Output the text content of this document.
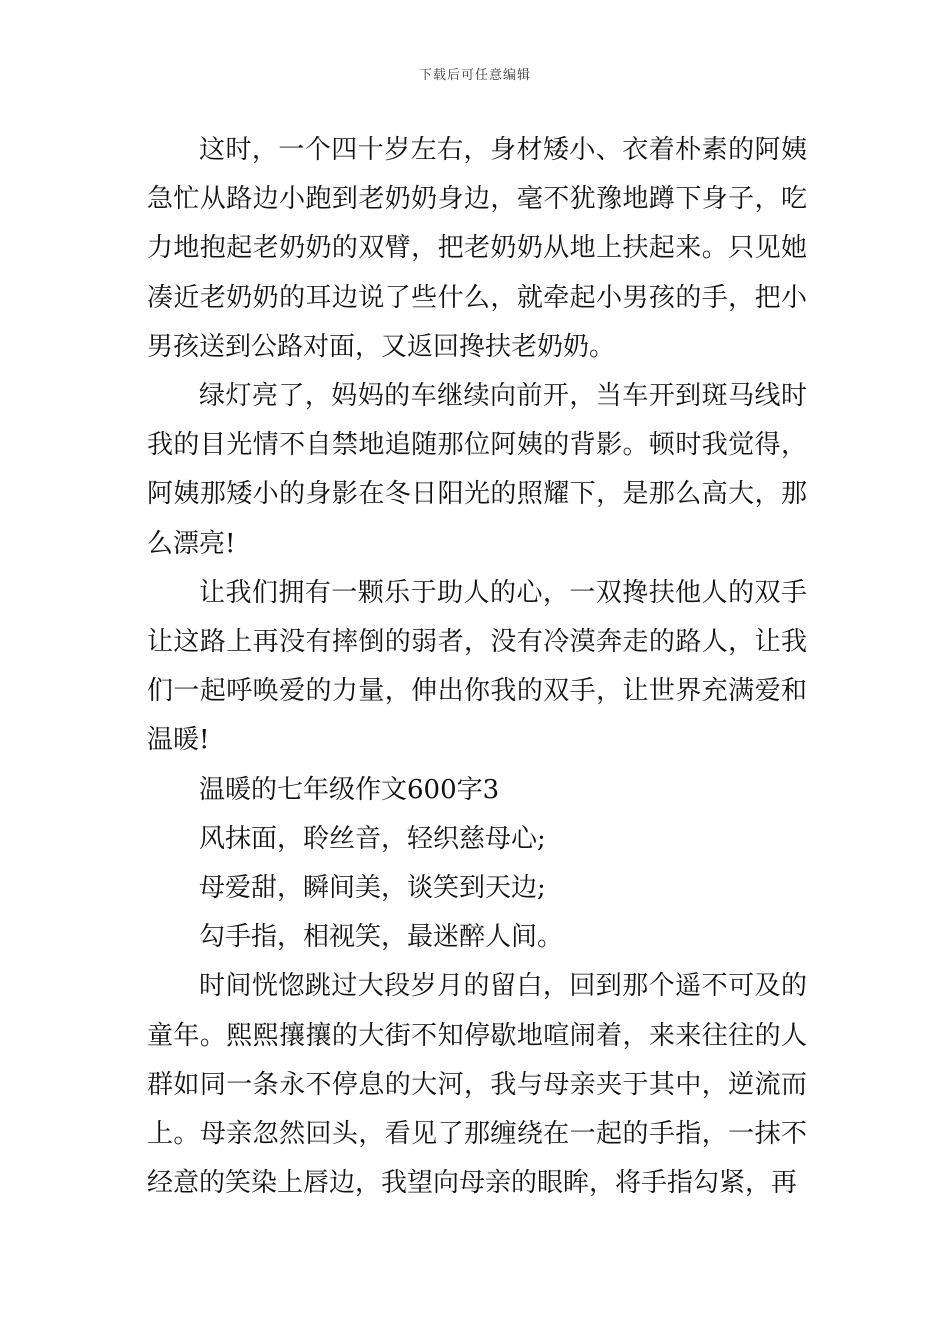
下载后可任意编辑

这时，一个四十岁左右，身材矮小、衣着朴素的阿姨急忙从路边小跑到老奶奶身边，毫不犹豫地蹲下身子，吃力地抱起老奶奶的双臂，把老奶奶从地上扶起来。只见她凑近老奶奶的耳边说了些什么，就牵起小男孩的手，把小男孩送到公路对面，又返回搀扶老奶奶。

绿灯亮了，妈妈的车继续向前开，当车开到斑马线时我的目光情不自禁地追随那位阿姨的背影。顿时我觉得，阿姨那矮小的身影在冬日阳光的照耀下，是那么高大，那么漂亮!

让我们拥有一颗乐于助人的心，一双搀扶他人的双手让这路上再没有摔倒的弱者，没有冷漠奔走的路人，让我们一起呼唤爱的力量，伸出你我的双手，让世界充满爱和温暖!

温暖的七年级作文600字3

风抹面，聆丝音，轻织慈母心;

母爱甜，瞬间美，谈笑到天边;

勾手指，相视笑，最迷醉人间。

时间恍惚跳过大段岁月的留白，回到那个遥不可及的童年。熙熙攘攘的大街不知停歇地喧闹着，来来往往的人群如同一条永不停息的大河，我与母亲夹于其中，逆流而上。母亲忽然回头，看见了那缠绕在一起的手指，一抹不经意的笑染上唇边，我望向母亲的眼眸，将手指勾紧，再
